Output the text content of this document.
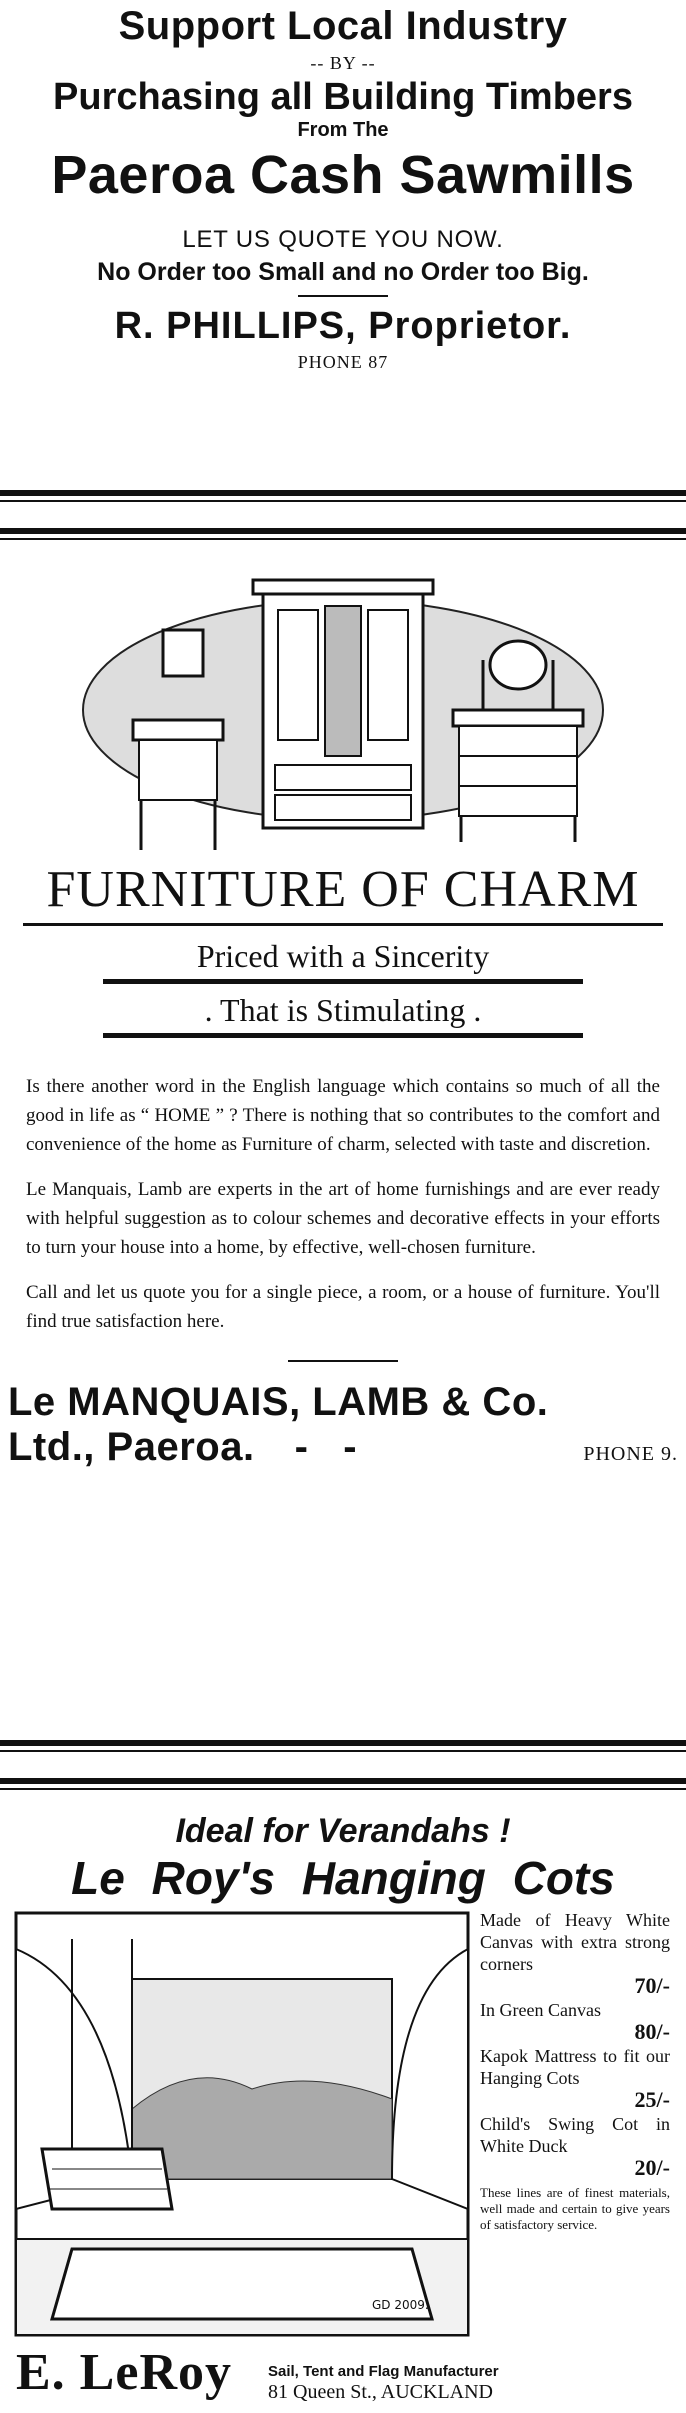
Support Local Industry
-- BY --
Purchasing all Building Timbers
From The
Paeroa Cash Sawmills
LET US QUOTE YOU NOW.
No Order too Small and no Order too Big.
R. PHILLIPS, Proprietor.
PHONE 87
FURNITURE OF CHARM
Priced with a Sincerity
. That is Stimulating .
Is there another word in the English language which contains so much of all the good in life as “ HOME ” ? There is nothing that so contributes to the comfort and convenience of the home as Furniture of charm, selected with taste and discretion.
Le Manquais, Lamb are experts in the art of home furnishings and are ever ready with helpful suggestion as to colour schemes and decorative effects in your efforts to turn your house into a home, by effective, well-chosen furniture.
Call and let us quote you for a single piece, a room, or a house of furniture. You'll find true satisfaction here.
Le MANQUAIS, LAMB & Co.
Ltd., Paeroa. -   -	PHONE 9.
Ideal for Verandahs !
Le Roy's Hanging Cots
GD 2009.
Made of Heavy White Canvas with extra strong corners
70/-
In Green Canvas
80/-
Kapok Mattress to fit our Hanging Cots
25/-
Child's Swing Cot in White Duck
20/-
These lines are of finest materials, well made and certain to give years of satisfactory service.
E. LeRoy Sail, Tent and Flag Manufacturer
81 Queen St., AUCKLAND
